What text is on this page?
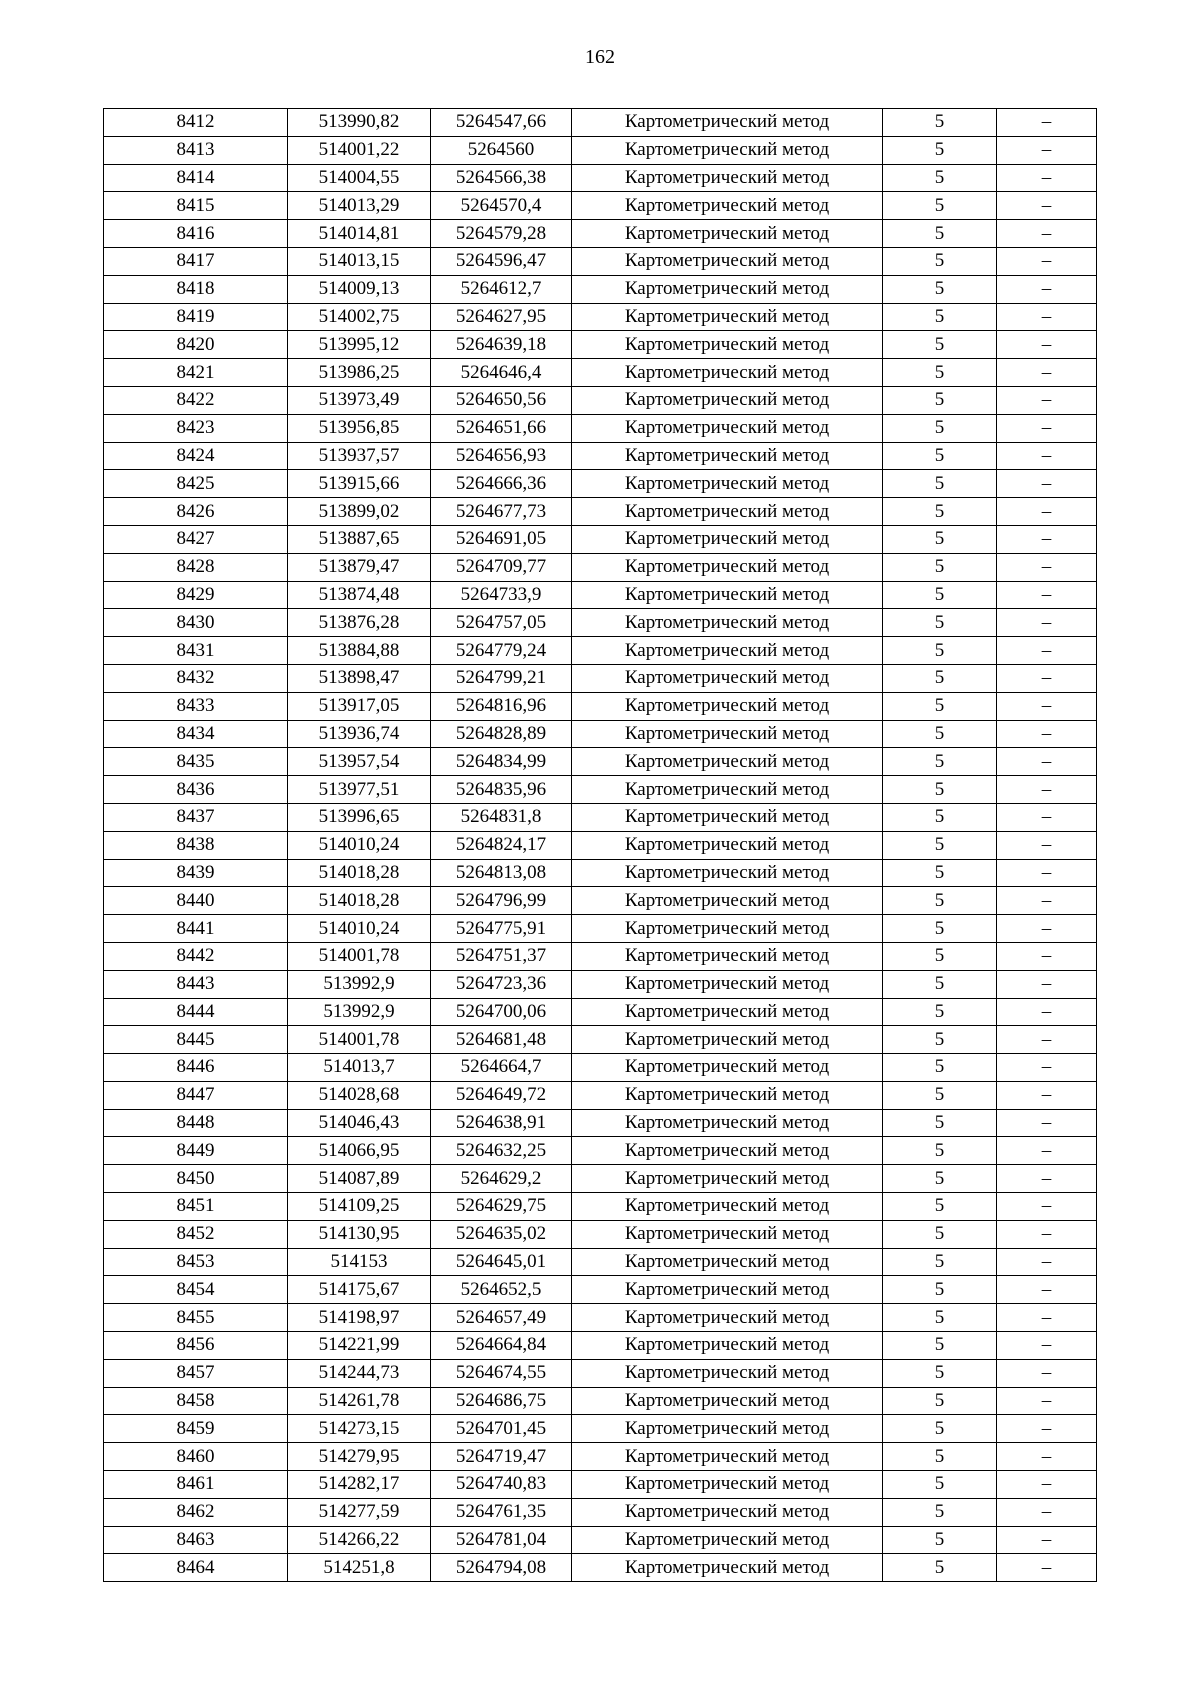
162
8412	513990,82	5264547,66	Картометрический метод	5	–
8413	514001,22	5264560	Картометрический метод	5	–
8414	514004,55	5264566,38	Картометрический метод	5	–
8415	514013,29	5264570,4	Картометрический метод	5	–
8416	514014,81	5264579,28	Картометрический метод	5	–
8417	514013,15	5264596,47	Картометрический метод	5	–
8418	514009,13	5264612,7	Картометрический метод	5	–
8419	514002,75	5264627,95	Картометрический метод	5	–
8420	513995,12	5264639,18	Картометрический метод	5	–
8421	513986,25	5264646,4	Картометрический метод	5	–
8422	513973,49	5264650,56	Картометрический метод	5	–
8423	513956,85	5264651,66	Картометрический метод	5	–
8424	513937,57	5264656,93	Картометрический метод	5	–
8425	513915,66	5264666,36	Картометрический метод	5	–
8426	513899,02	5264677,73	Картометрический метод	5	–
8427	513887,65	5264691,05	Картометрический метод	5	–
8428	513879,47	5264709,77	Картометрический метод	5	–
8429	513874,48	5264733,9	Картометрический метод	5	–
8430	513876,28	5264757,05	Картометрический метод	5	–
8431	513884,88	5264779,24	Картометрический метод	5	–
8432	513898,47	5264799,21	Картометрический метод	5	–
8433	513917,05	5264816,96	Картометрический метод	5	–
8434	513936,74	5264828,89	Картометрический метод	5	–
8435	513957,54	5264834,99	Картометрический метод	5	–
8436	513977,51	5264835,96	Картометрический метод	5	–
8437	513996,65	5264831,8	Картометрический метод	5	–
8438	514010,24	5264824,17	Картометрический метод	5	–
8439	514018,28	5264813,08	Картометрический метод	5	–
8440	514018,28	5264796,99	Картометрический метод	5	–
8441	514010,24	5264775,91	Картометрический метод	5	–
8442	514001,78	5264751,37	Картометрический метод	5	–
8443	513992,9	5264723,36	Картометрический метод	5	–
8444	513992,9	5264700,06	Картометрический метод	5	–
8445	514001,78	5264681,48	Картометрический метод	5	–
8446	514013,7	5264664,7	Картометрический метод	5	–
8447	514028,68	5264649,72	Картометрический метод	5	–
8448	514046,43	5264638,91	Картометрический метод	5	–
8449	514066,95	5264632,25	Картометрический метод	5	–
8450	514087,89	5264629,2	Картометрический метод	5	–
8451	514109,25	5264629,75	Картометрический метод	5	–
8452	514130,95	5264635,02	Картометрический метод	5	–
8453	514153	5264645,01	Картометрический метод	5	–
8454	514175,67	5264652,5	Картометрический метод	5	–
8455	514198,97	5264657,49	Картометрический метод	5	–
8456	514221,99	5264664,84	Картометрический метод	5	–
8457	514244,73	5264674,55	Картометрический метод	5	–
8458	514261,78	5264686,75	Картометрический метод	5	–
8459	514273,15	5264701,45	Картометрический метод	5	–
8460	514279,95	5264719,47	Картометрический метод	5	–
8461	514282,17	5264740,83	Картометрический метод	5	–
8462	514277,59	5264761,35	Картометрический метод	5	–
8463	514266,22	5264781,04	Картометрический метод	5	–
8464	514251,8	5264794,08	Картометрический метод	5	–
